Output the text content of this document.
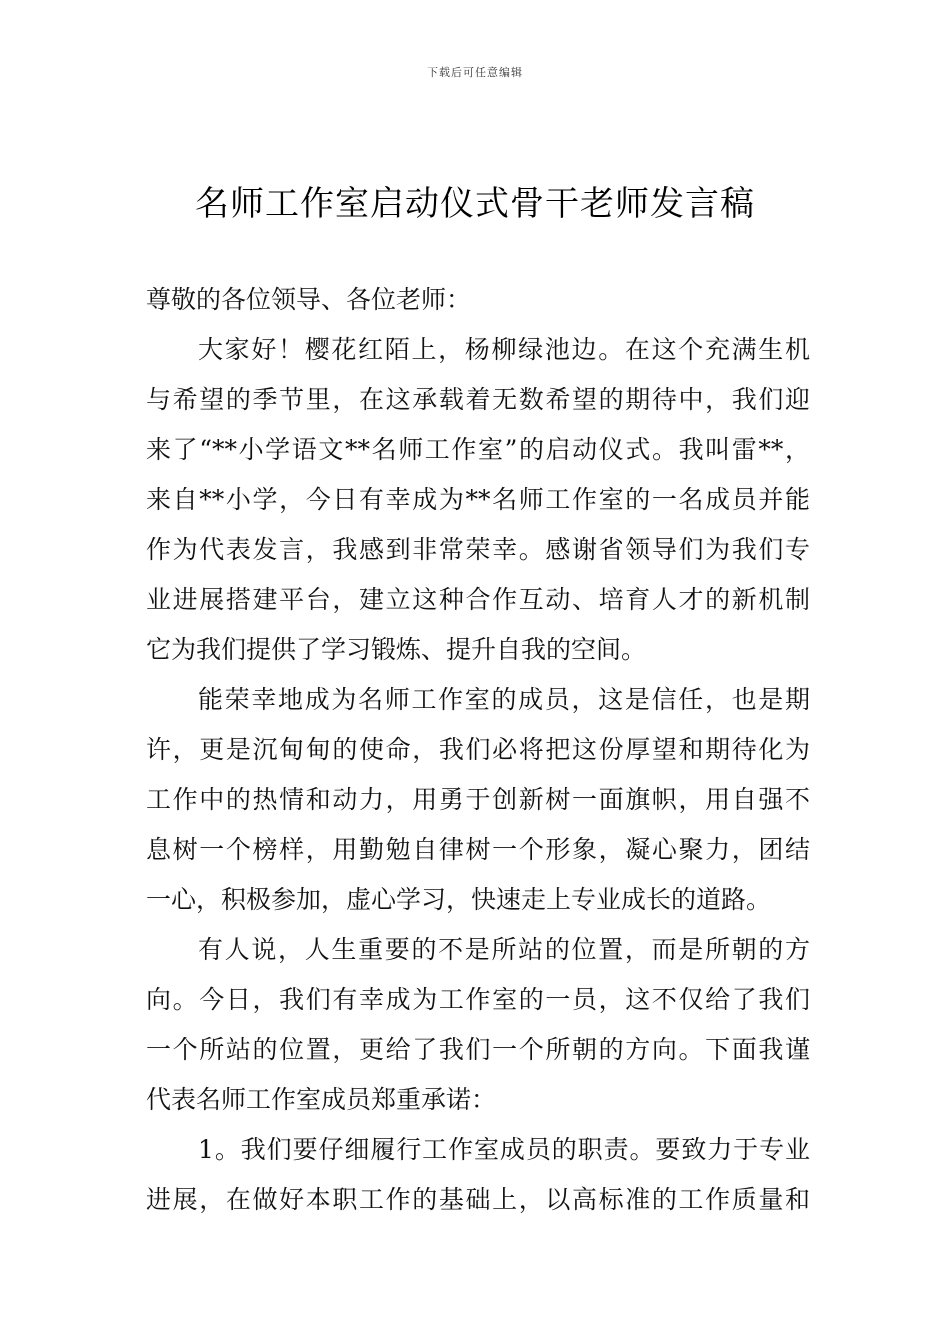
下载后可任意编辑
名师工作室启动仪式骨干老师发言稿
尊敬的各位领导、各位老师：
大家好！樱花红陌上，杨柳绿池边。在这个充满生机
与希望的季节里，在这承载着无数希望的期待中，我们迎
来了“**小学语文**名师工作室”的启动仪式。我叫雷**，
来自**小学，今日有幸成为**名师工作室的一名成员并能
作为代表发言，我感到非常荣幸。感谢省领导们为我们专
业进展搭建平台，建立这种合作互动、培育人才的新机制
它为我们提供了学习锻炼、提升自我的空间。
能荣幸地成为名师工作室的成员，这是信任，也是期
许，更是沉甸甸的使命，我们必将把这份厚望和期待化为
工作中的热情和动力，用勇于创新树一面旗帜，用自强不
息树一个榜样，用勤勉自律树一个形象，凝心聚力，团结
一心，积极参加，虚心学习，快速走上专业成长的道路。
有人说，人生重要的不是所站的位置，而是所朝的方
向。今日，我们有幸成为工作室的一员，这不仅给了我们
一个所站的位置，更给了我们一个所朝的方向。下面我谨
代表名师工作室成员郑重承诺：
1。我们要仔细履行工作室成员的职责。要致力于专业
进展，在做好本职工作的基础上，以高标准的工作质量和
